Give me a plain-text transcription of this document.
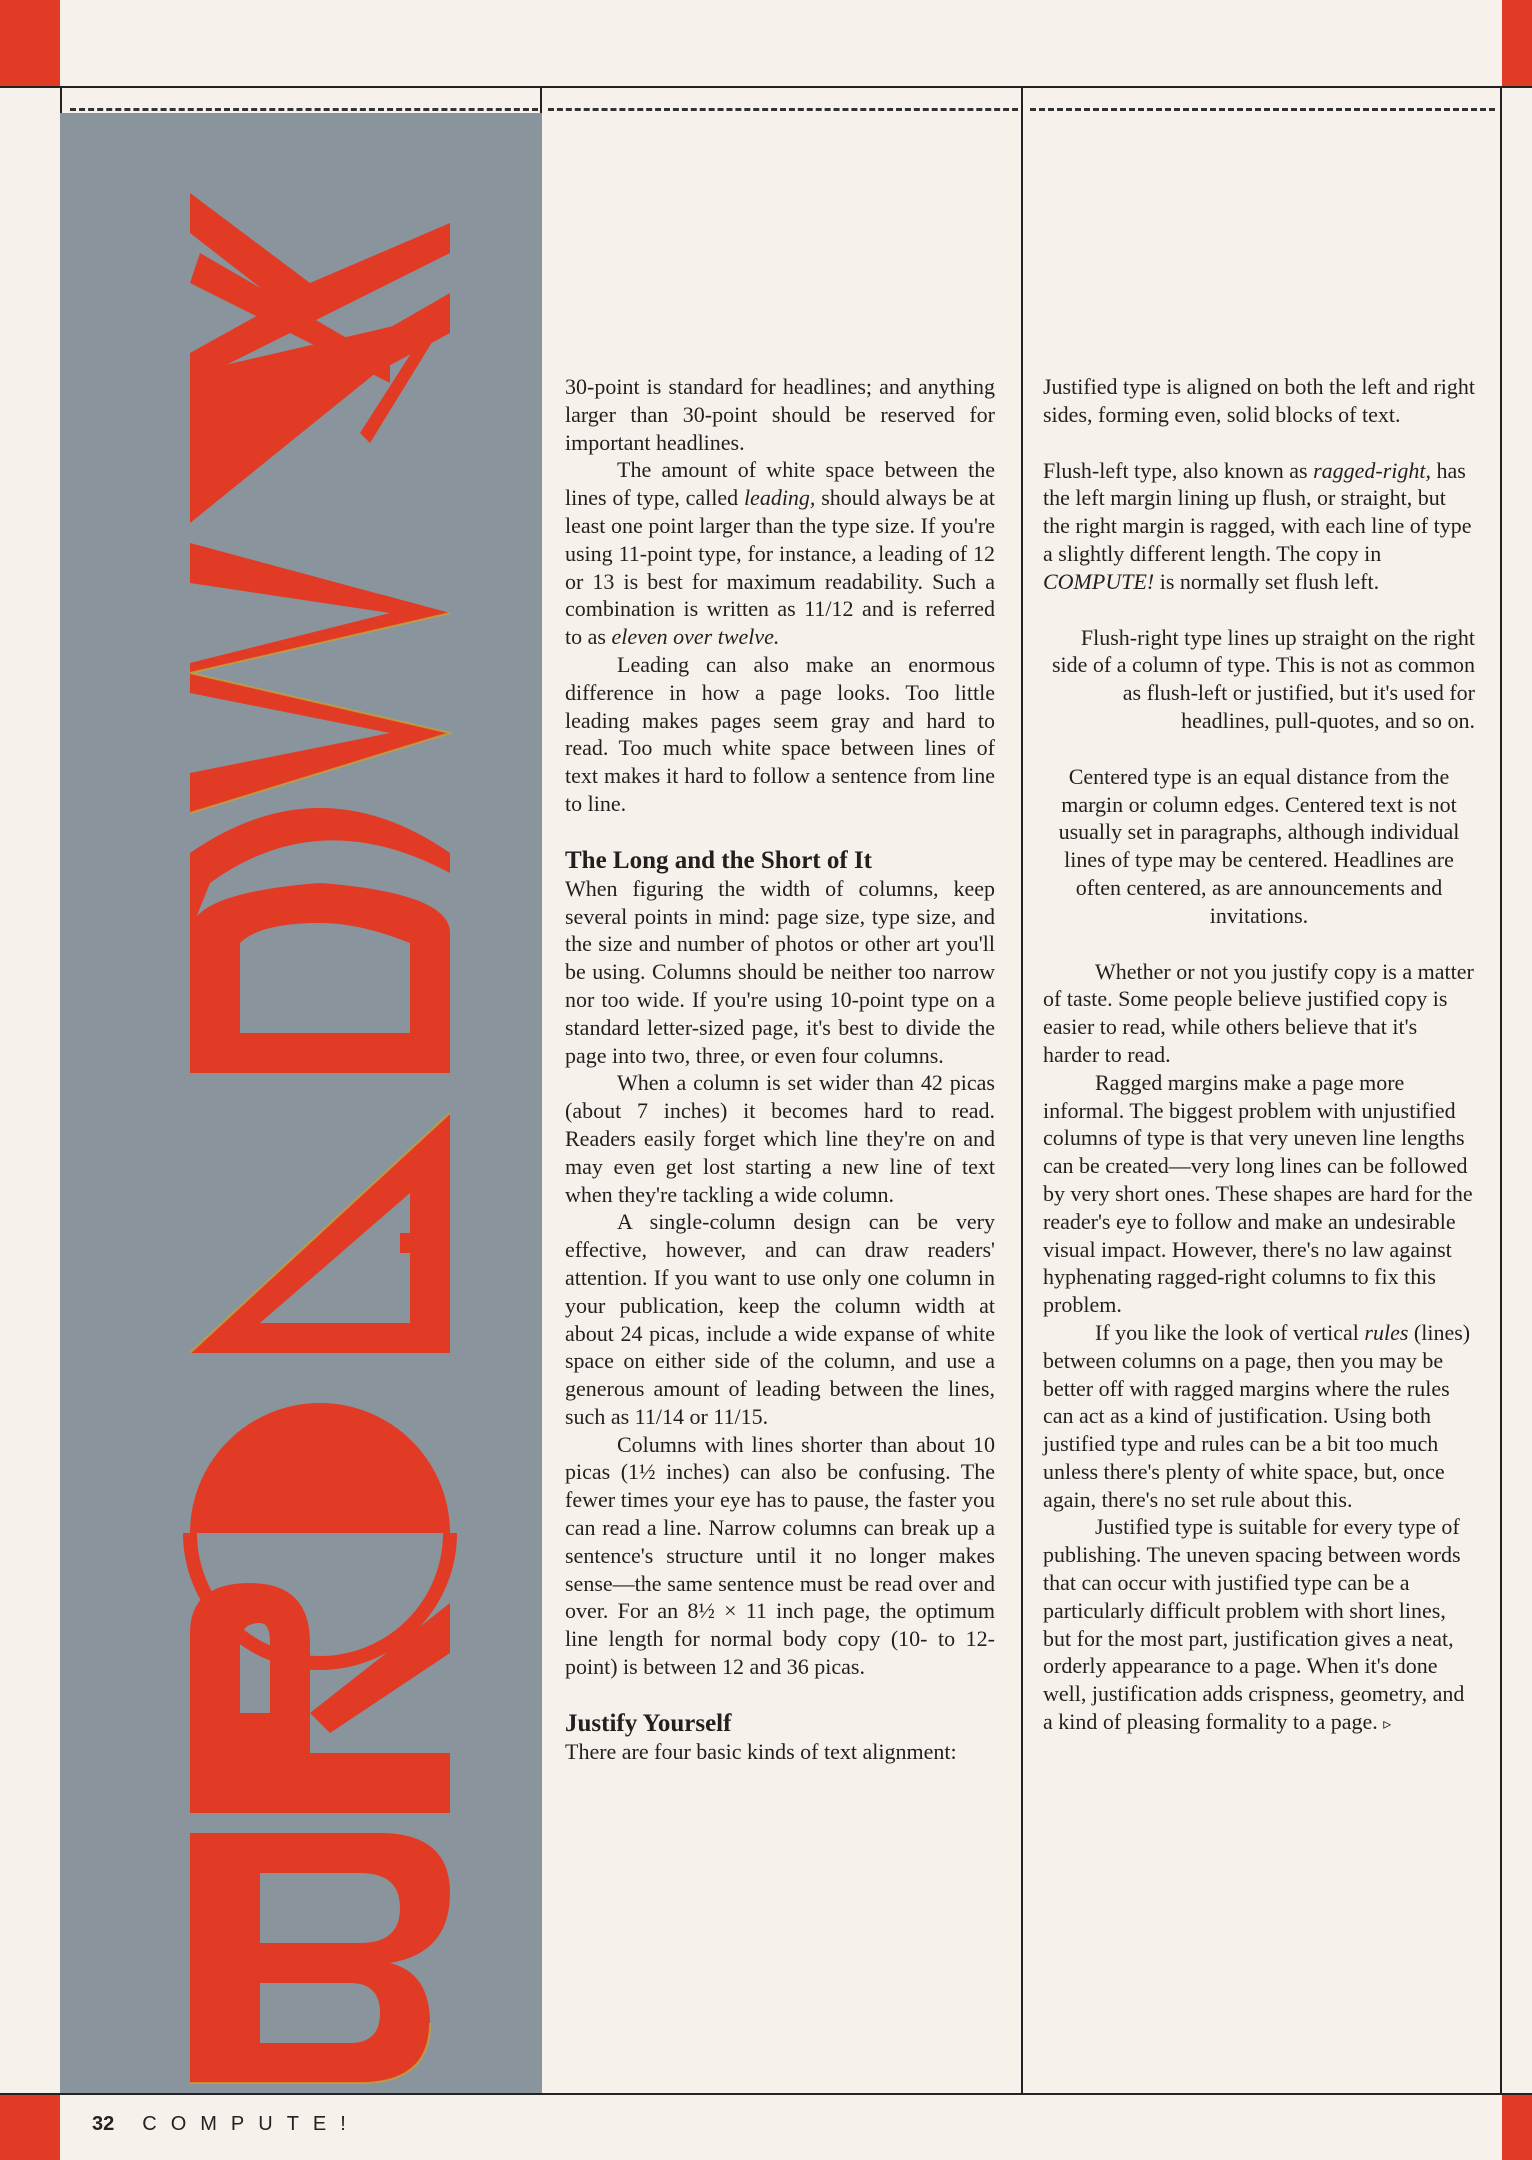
30-point is standard for headlines; and anything larger than 30-point should be reserved for important headlines.

The amount of white space between the lines of type, called leading, should always be at least one point larger than the type size. If you're using 11-point type, for instance, a leading of 12 or 13 is best for maximum readability. Such a combination is written as 11/12 and is referred to as eleven over twelve.

Leading can also make an enormous difference in how a page looks. Too little leading makes pages seem gray and hard to read. Too much white space between lines of text makes it hard to follow a sentence from line to line.

The Long and the Short of It

When figuring the width of columns, keep several points in mind: page size, type size, and the size and number of photos or other art you'll be using. Columns should be neither too narrow nor too wide. If you're using 10-point type on a standard letter-sized page, it's best to divide the page into two, three, or even four columns.

When a column is set wider than 42 picas (about 7 inches) it becomes hard to read. Readers easily forget which line they're on and may even get lost starting a new line of text when they're tackling a wide column.

A single-column design can be very effective, however, and can draw readers' attention. If you want to use only one column in your publication, keep the column width at about 24 picas, include a wide expanse of white space on either side of the column, and use a generous amount of leading between the lines, such as 11/14 or 11/15.

Columns with lines shorter than about 10 picas (1½ inches) can also be confusing. The fewer times your eye has to pause, the faster you can read a line. Narrow columns can break up a sentence's structure until it no longer makes sense—the same sentence must be read over and over. For an 8½ × 11 inch page, the optimum line length for normal body copy (10- to 12-point) is between 12 and 36 picas.

Justify Yourself

There are four basic kinds of text alignment:

Justified type is aligned on both the left and right sides, forming even, solid blocks of text.

Flush-left type, also known as ragged-right, has the left margin lining up flush, or straight, but the right margin is ragged, with each line of type a slightly different length. The copy in COMPUTE! is normally set flush left.

Flush-right type lines up straight on the right side of a column of type. This is not as common as flush-left or justified, but it's used for headlines, pull-quotes, and so on.

Centered type is an equal distance from the margin or column edges. Centered text is not usually set in paragraphs, although individual lines of type may be centered. Headlines are often centered, as are announcements and invitations.

Whether or not you justify copy is a matter of taste. Some people believe justified copy is easier to read, while others believe that it's harder to read.

Ragged margins make a page more informal. The biggest problem with unjustified columns of type is that very uneven line lengths can be created—very long lines can be followed by very short ones. These shapes are hard for the reader's eye to follow and make an undesirable visual impact. However, there's no law against hyphenating ragged-right columns to fix this problem.

If you like the look of vertical rules (lines) between columns on a page, then you may be better off with ragged margins where the rules can act as a kind of justification. Using both justified type and rules can be a bit too much unless there's plenty of white space, but, once again, there's no set rule about this.

Justified type is suitable for every type of publishing. The uneven spacing between words that can occur with justified type can be a particularly difficult problem with short lines, but for the most part, justification gives a neat, orderly appearance to a page. When it's done well, justification adds crispness, geometry, and a kind of pleasing formality to a page. ▹

32 COMPUTE!
